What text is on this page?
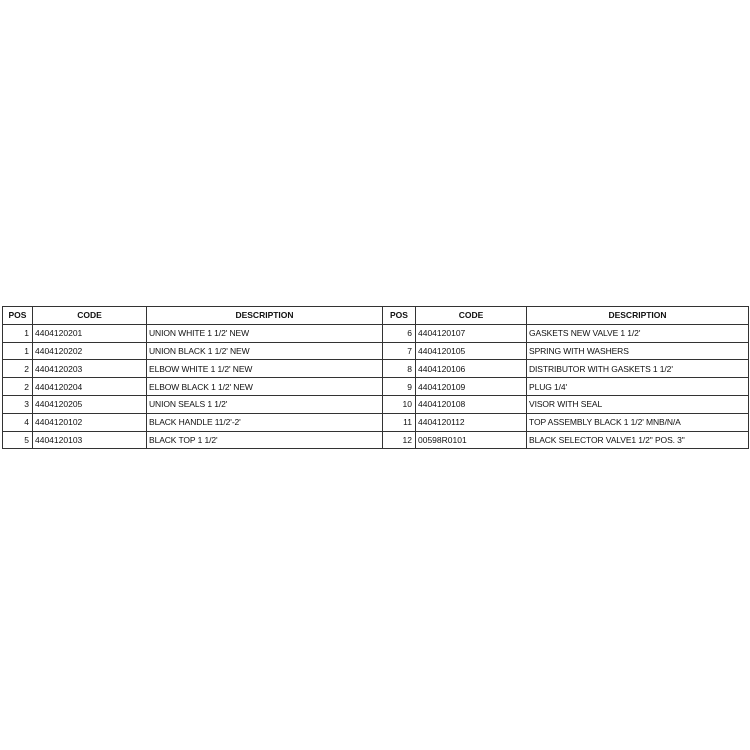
POS	CODE	DESCRIPTION	POS	CODE	DESCRIPTION
1	4404120201	UNION WHITE 1 1/2' NEW	6	4404120107	GASKETS NEW VALVE 1 1/2'
1	4404120202	UNION BLACK 1 1/2' NEW	7	4404120105	SPRING WITH WASHERS
2	4404120203	ELBOW WHITE 1 1/2' NEW	8	4404120106	DISTRIBUTOR WITH GASKETS 1 1/2'
2	4404120204	ELBOW BLACK 1 1/2' NEW	9	4404120109	PLUG 1/4'
3	4404120205	UNION SEALS 1 1/2'	10	4404120108	VISOR WITH SEAL
4	4404120102	BLACK HANDLE 11/2'-2'	11	4404120112	TOP ASSEMBLY BLACK 1 1/2' MNB/N/A
5	4404120103	BLACK TOP 1 1/2'	12	00598R0101	BLACK SELECTOR VALVE1 1/2" POS. 3"
